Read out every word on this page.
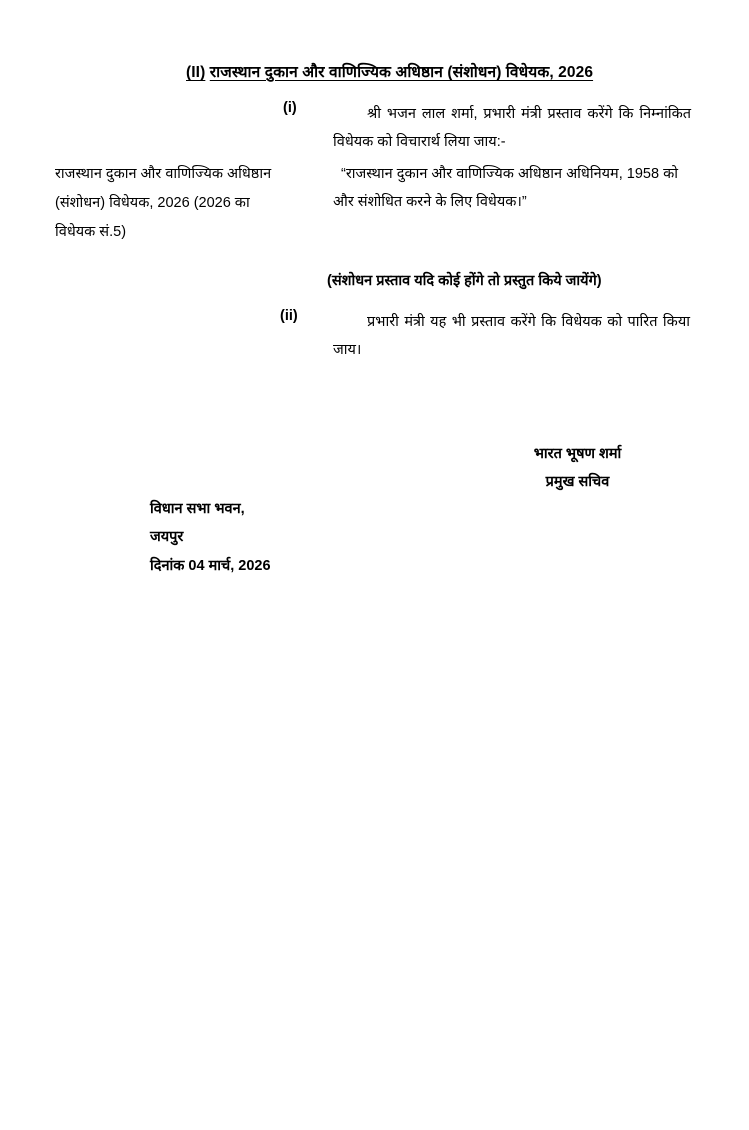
(II) राजस्थान दुकान और वाणिज्यिक अधिष्ठान (संशोधन) विधेयक, 2026
राजस्थान दुकान और वाणिज्यिक अधिष्ठान (संशोधन) विधेयक, 2026 (2026 का विधेयक सं.5)
(i)	श्री भजन लाल शर्मा, प्रभारी मंत्री प्रस्ताव करेंगे कि निम्नांकित विधेयक को विचारार्थ लिया जाय:-
“राजस्थान दुकान और वाणिज्यिक अधिष्ठान अधिनियम, 1958 को और संशोधित करने के लिए विधेयक।”
(संशोधन प्रस्ताव यदि कोई होंगे तो प्रस्तुत किये जायेंगे)
(ii)	प्रभारी मंत्री यह भी प्रस्ताव करेंगे कि विधेयक को पारित किया जाय।
भारत भूषण शर्मा
प्रमुख सचिव
विधान सभा भवन,
जयपुर
दिनांक 04 मार्च, 2026
